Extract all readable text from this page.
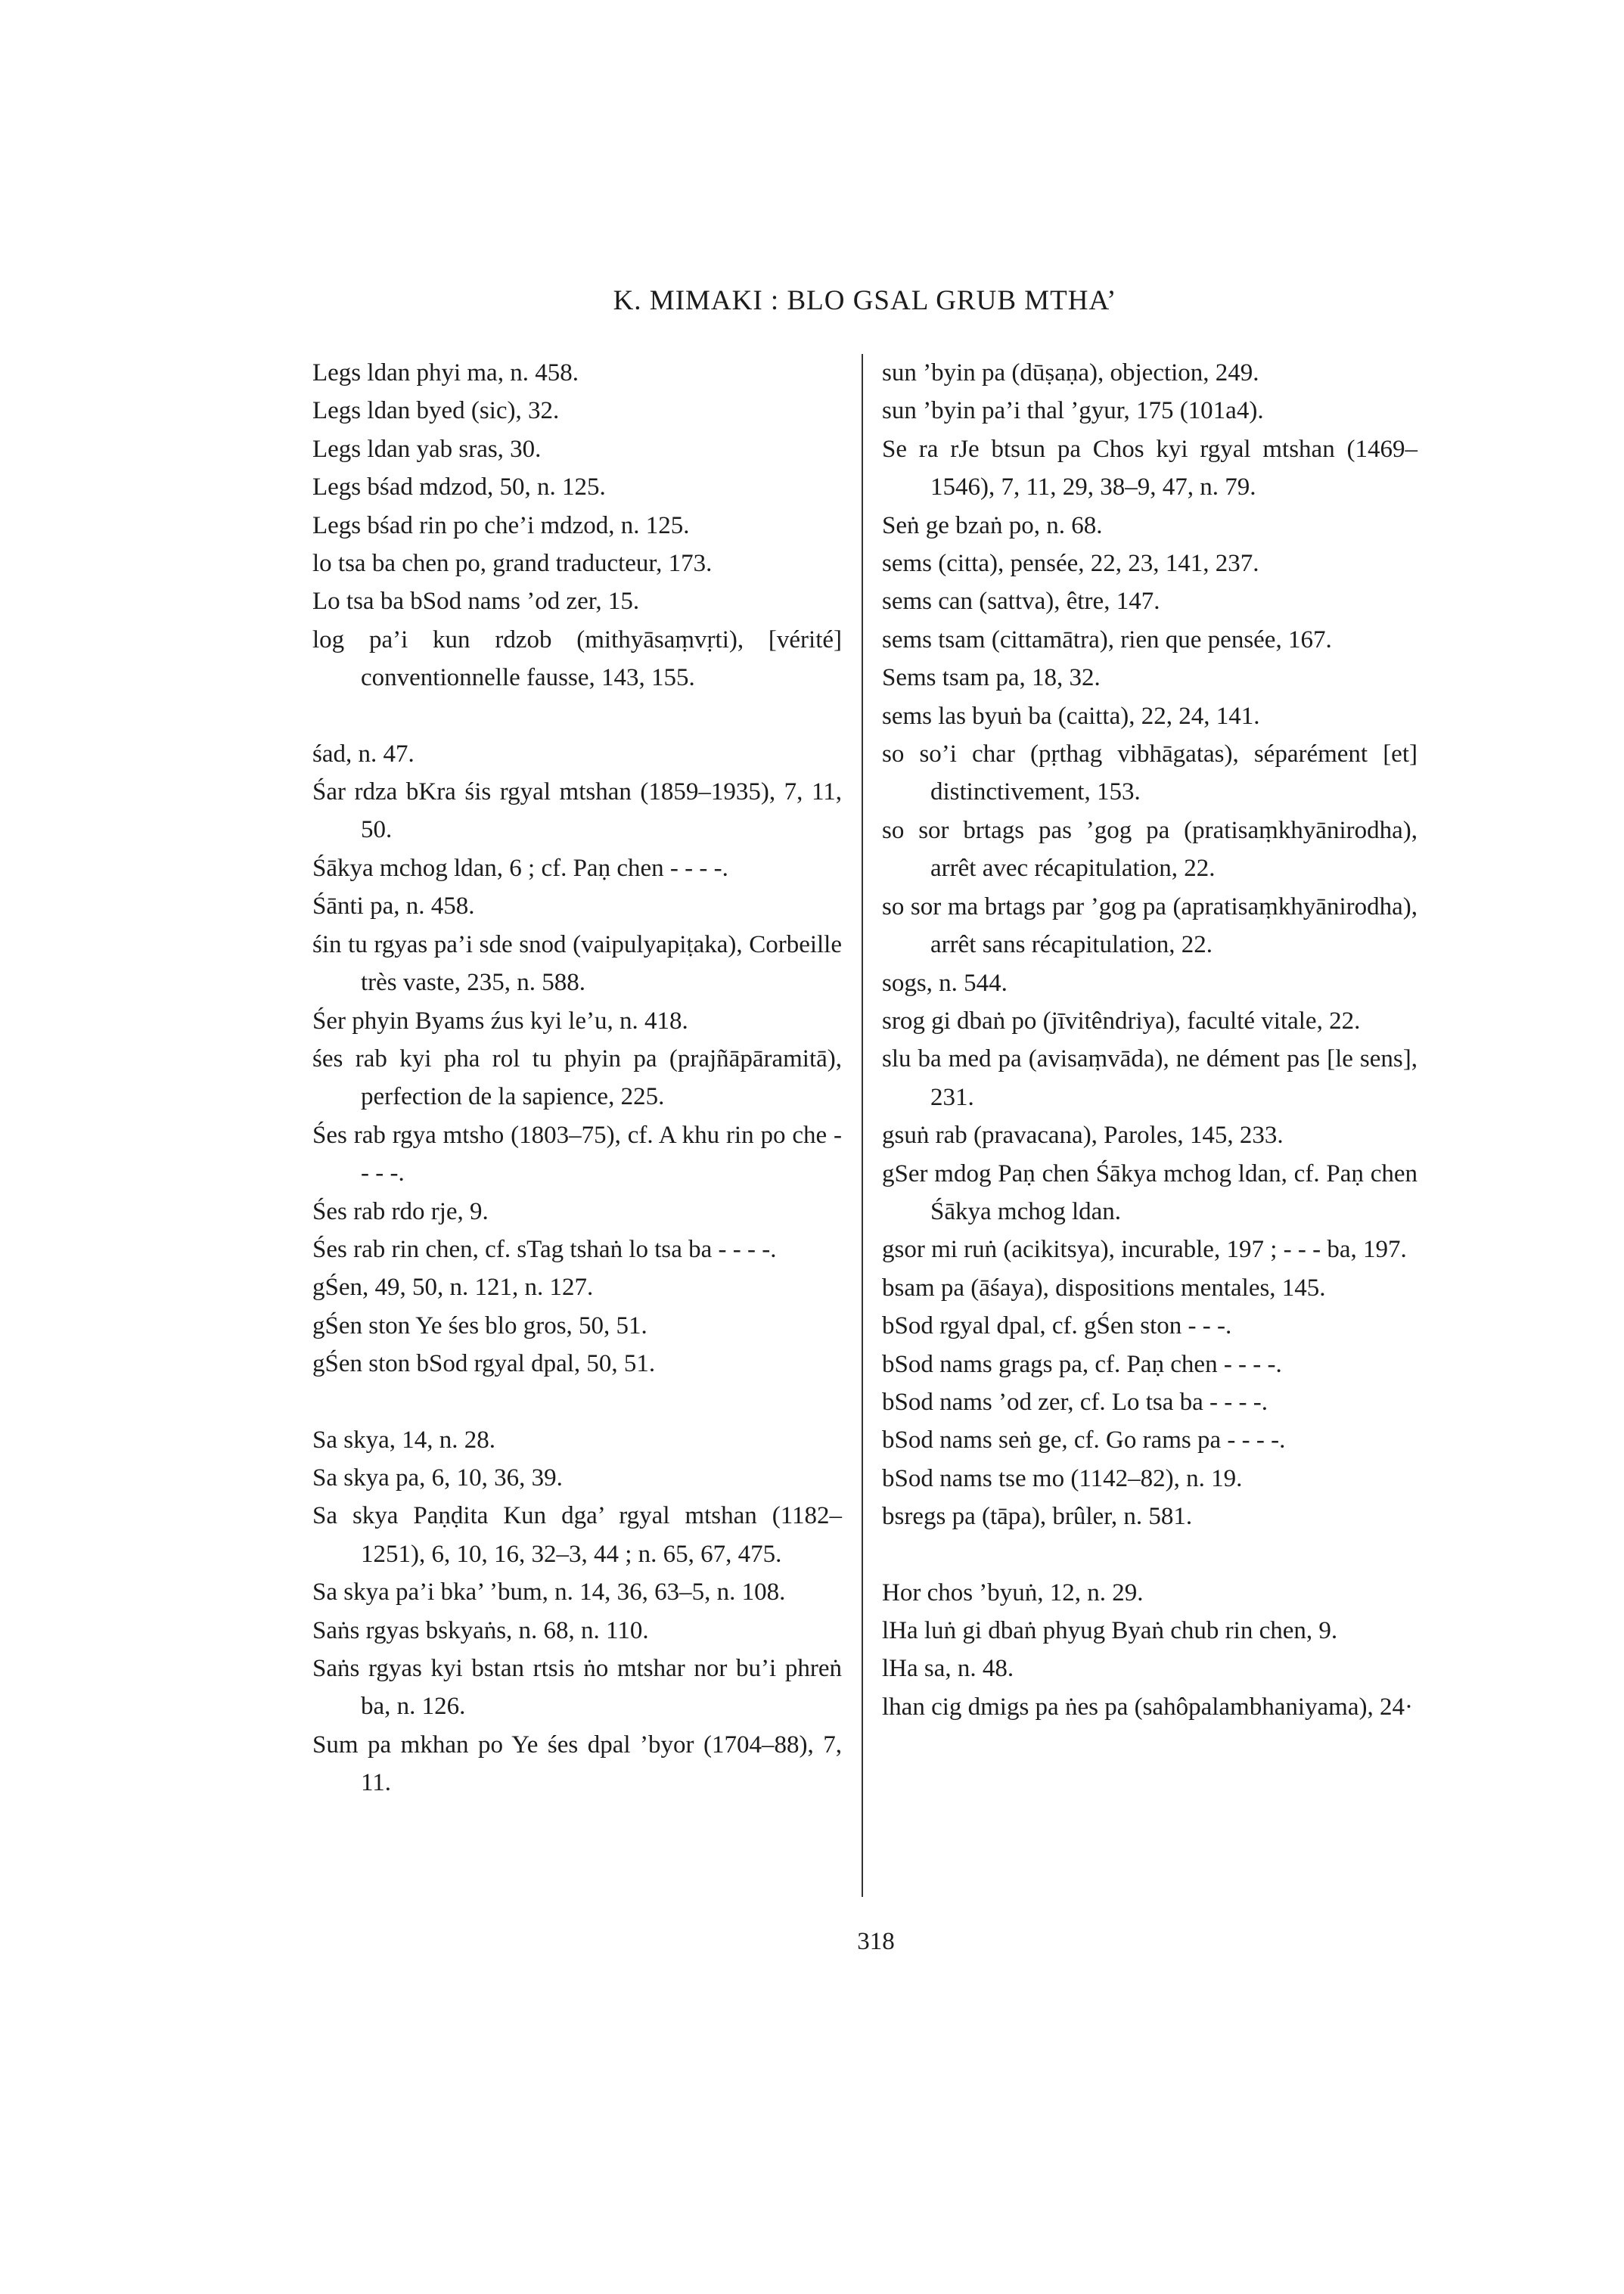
K. MIMAKI : BLO GSAL GRUB MTHA’
Legs ldan phyi ma, n. 458.
Legs ldan byed (sic), 32.
Legs ldan yab sras, 30.
Legs bśad mdzod, 50, n. 125.
Legs bśad rin po che’i mdzod, n. 125.
lo tsa ba chen po, grand traducteur, 173.
Lo tsa ba bSod nams ’od zer, 15.
log pa’i kun rdzob (mithyāsaṃvṛti), [vérité] conventionnelle fausse, 143, 155.
śad, n. 47.
Śar rdza bKra śis rgyal mtshan (1859–1935), 7, 11, 50.
Śākya mchog ldan, 6 ; cf. Paṇ chen - - - -.
Śānti pa, n. 458.
śin tu rgyas pa’i sde snod (vaipulyapiṭaka), Corbeille très vaste, 235, n. 588.
Śer phyin Byams źus kyi le’u, n. 418.
śes rab kyi pha rol tu phyin pa (prajñāpāramitā), perfection de la sapience, 225.
Śes rab rgya mtsho (1803–75), cf. A khu rin po che - - - -.
Śes rab rdo rje, 9.
Śes rab rin chen, cf. sTag tshaṅ lo tsa ba - - - -.
gŚen, 49, 50, n. 121, n. 127.
gŚen ston Ye śes blo gros, 50, 51.
gŚen ston bSod rgyal dpal, 50, 51.
Sa skya, 14, n. 28.
Sa skya pa, 6, 10, 36, 39.
Sa skya Paṇḍita Kun dga’ rgyal mtshan (1182–1251), 6, 10, 16, 32–3, 44 ; n. 65, 67, 475.
Sa skya pa’i bka’ ’bum, n. 14, 36, 63–5, n. 108.
Saṅs rgyas bskyaṅs, n. 68, n. 110.
Saṅs rgyas kyi bstan rtsis ṅo mtshar nor bu’i phreṅ ba, n. 126.
Sum pa mkhan po Ye śes dpal ’byor (1704–88), 7, 11.
sun ’byin pa (dūṣaṇa), objection, 249.
sun ’byin pa’i thal ’gyur, 175 (101a4).
Se ra rJe btsun pa Chos kyi rgyal mtshan (1469–1546), 7, 11, 29, 38–9, 47, n. 79.
Seṅ ge bzaṅ po, n. 68.
sems (citta), pensée, 22, 23, 141, 237.
sems can (sattva), être, 147.
sems tsam (cittamātra), rien que pensée, 167.
Sems tsam pa, 18, 32.
sems las byuṅ ba (caitta), 22, 24, 141.
so so’i char (pṛthag vibhāgatas), séparément [et] distinctivement, 153.
so sor brtags pas ’gog pa (pratisaṃkhyānirodha), arrêt avec récapitulation, 22.
so sor ma brtags par ’gog pa (apratisaṃkhyānirodha), arrêt sans récapitulation, 22.
sogs, n. 544.
srog gi dbaṅ po (jīvitêndriya), faculté vitale, 22.
slu ba med pa (avisaṃvāda), ne dément pas [le sens], 231.
gsuṅ rab (pravacana), Paroles, 145, 233.
gSer mdog Paṇ chen Śākya mchog ldan, cf. Paṇ chen Śākya mchog ldan.
gsor mi ruṅ (acikitsya), incurable, 197 ; - - - ba, 197.
bsam pa (āśaya), dispositions mentales, 145.
bSod rgyal dpal, cf. gŚen ston - - -.
bSod nams grags pa, cf. Paṇ chen - - - -.
bSod nams ’od zer, cf. Lo tsa ba - - - -.
bSod nams seṅ ge, cf. Go rams pa - - - -.
bSod nams tse mo (1142–82), n. 19.
bsregs pa (tāpa), brûler, n. 581.
Hor chos ’byuṅ, 12, n. 29.
lHa luṅ gi dbaṅ phyug Byaṅ chub rin chen, 9.
lHa sa, n. 48.
lhan cig dmigs pa ṅes pa (sahôpalambhaniyama), 24·
318
